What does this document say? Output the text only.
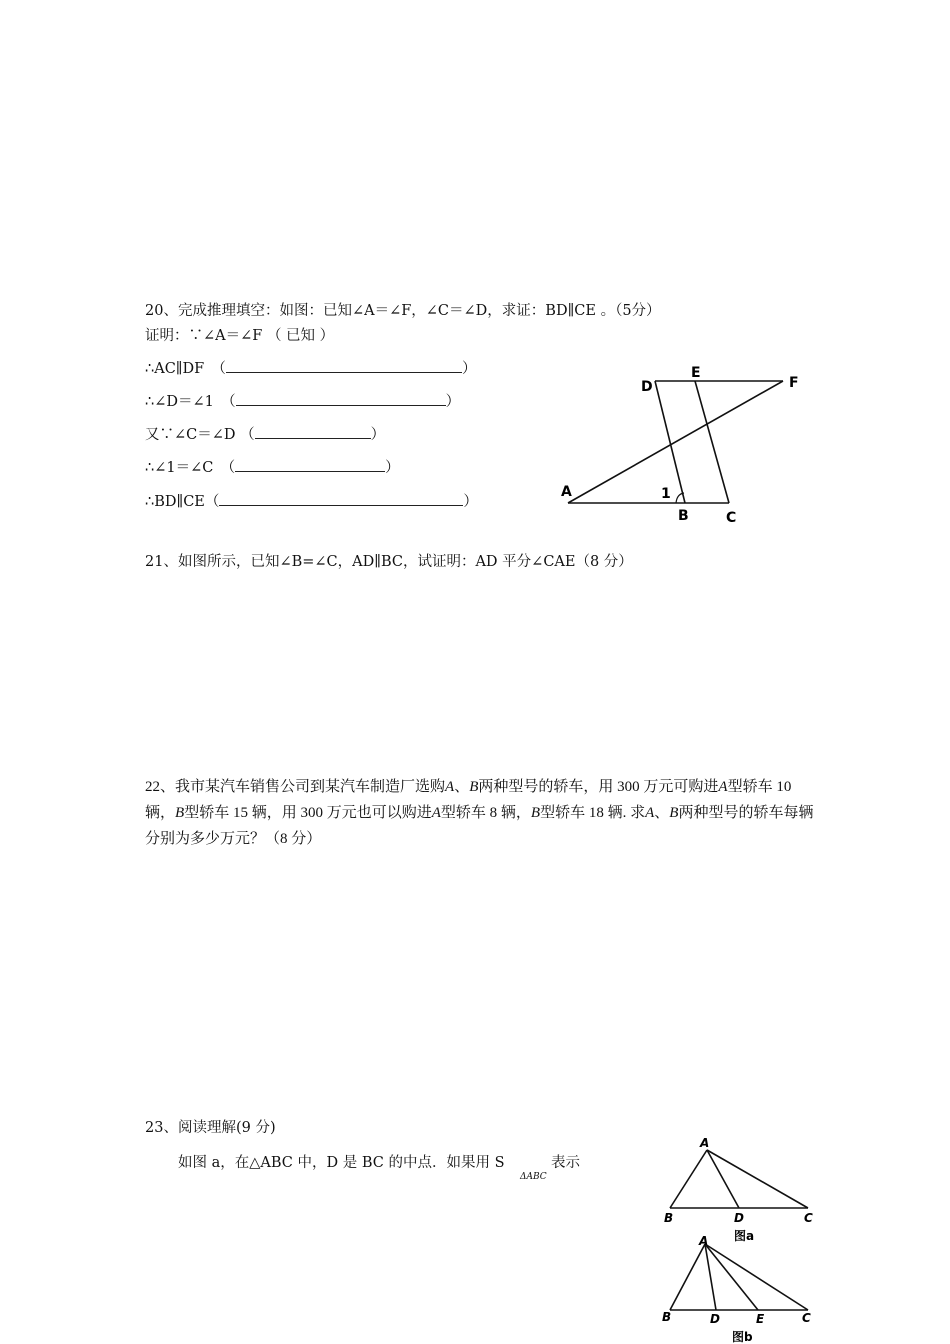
20、完成推理填空：如图：已知∠A＝∠F，∠C＝∠D，求证：BD∥CE 。（5分）
证明：∵∠A＝∠F （ 已知 ）
∴AC∥DF　（	）
∴∠D＝∠1　（	）
又∵∠C＝∠D （	）
∴∠1＝∠C　（	）
∴BD∥CE（	）
D
E
F
A	1
B	C
21、如图所示，已知∠B=∠C，AD∥BC，试证明：AD 平分∠CAE（8 分）
22、我市某汽车销售公司到某汽车制造厂选购A、B两种型号的轿车，用 300 万元可购进A型轿车 10 辆，B型轿车 15 辆，用 300 万元也可以购进A型轿车 8 辆，B型轿车 18 辆. 求A、B两种型号的轿车每辆分别为多少万元？（8 分）
23、阅读理解(9 分)
如图 a，在△ABC 中，D 是 BC 的中点．如果用 S
ΔABC
表示
A
B	D	C
图a
A
B	D	E	C
图b
